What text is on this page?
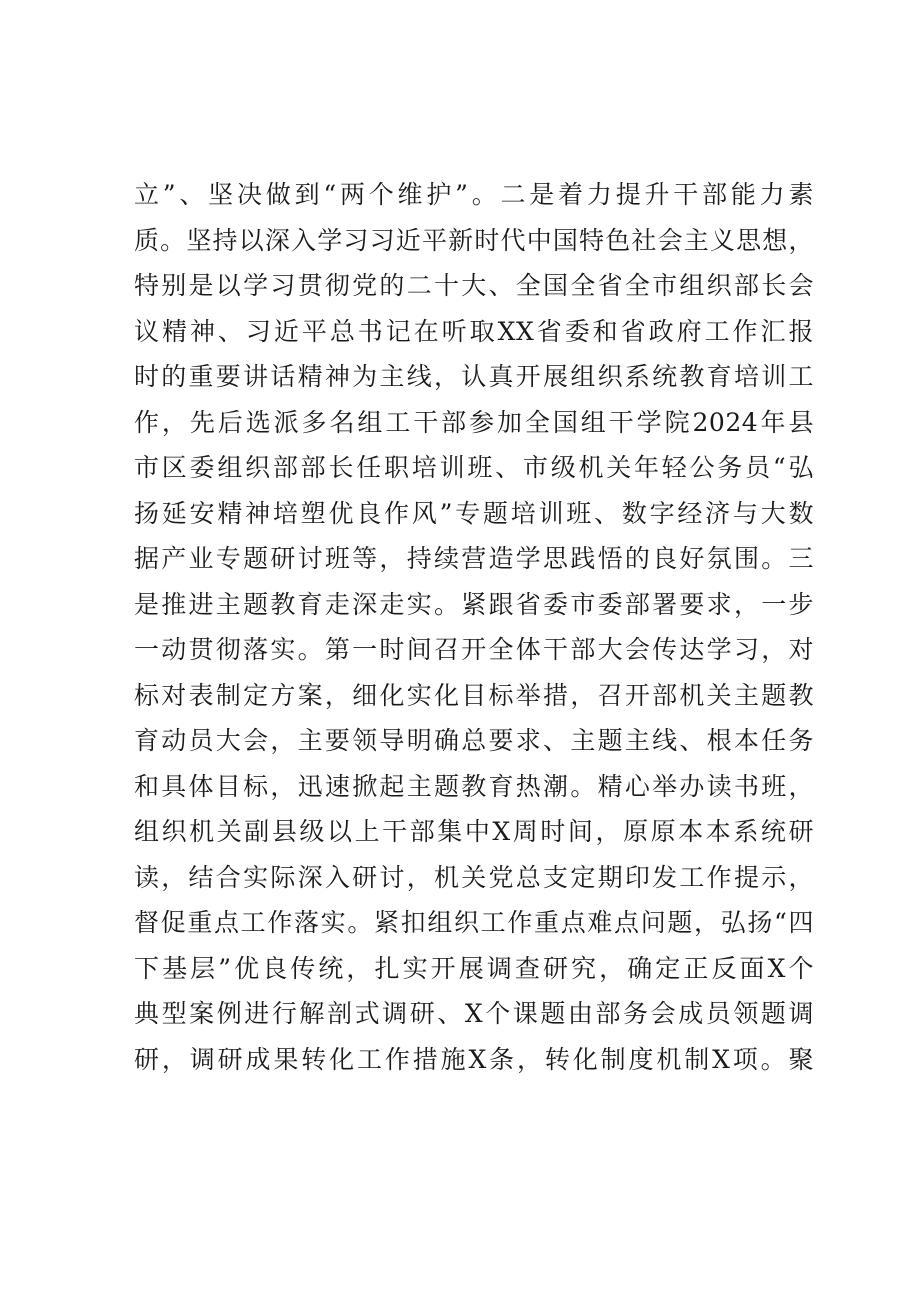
立”、坚决做到“两个维护”。二是着力提升干部能力素
质。坚持以深入学习习近平新时代中国特色社会主义思想，
特别是以学习贯彻党的二十大、全国全省全市组织部长会
议精神、习近平总书记在听取XX省委和省政府工作汇报
时的重要讲话精神为主线，认真开展组织系统教育培训工
作，先后选派多名组工干部参加全国组干学院2024年县
市区委组织部部长任职培训班、市级机关年轻公务员“弘
扬延安精神培塑优良作风”专题培训班、数字经济与大数
据产业专题研讨班等，持续营造学思践悟的良好氛围。三
是推进主题教育走深走实。紧跟省委市委部署要求，一步
一动贯彻落实。第一时间召开全体干部大会传达学习，对
标对表制定方案，细化实化目标举措，召开部机关主题教
育动员大会，主要领导明确总要求、主题主线、根本任务
和具体目标，迅速掀起主题教育热潮。精心举办读书班，
组织机关副县级以上干部集中X周时间，原原本本系统研
读，结合实际深入研讨，机关党总支定期印发工作提示，
督促重点工作落实。紧扣组织工作重点难点问题，弘扬“四
下基层”优良传统，扎实开展调查研究，确定正反面X个
典型案例进行解剖式调研、X个课题由部务会成员领题调
研，调研成果转化工作措施X条，转化制度机制X项。聚
